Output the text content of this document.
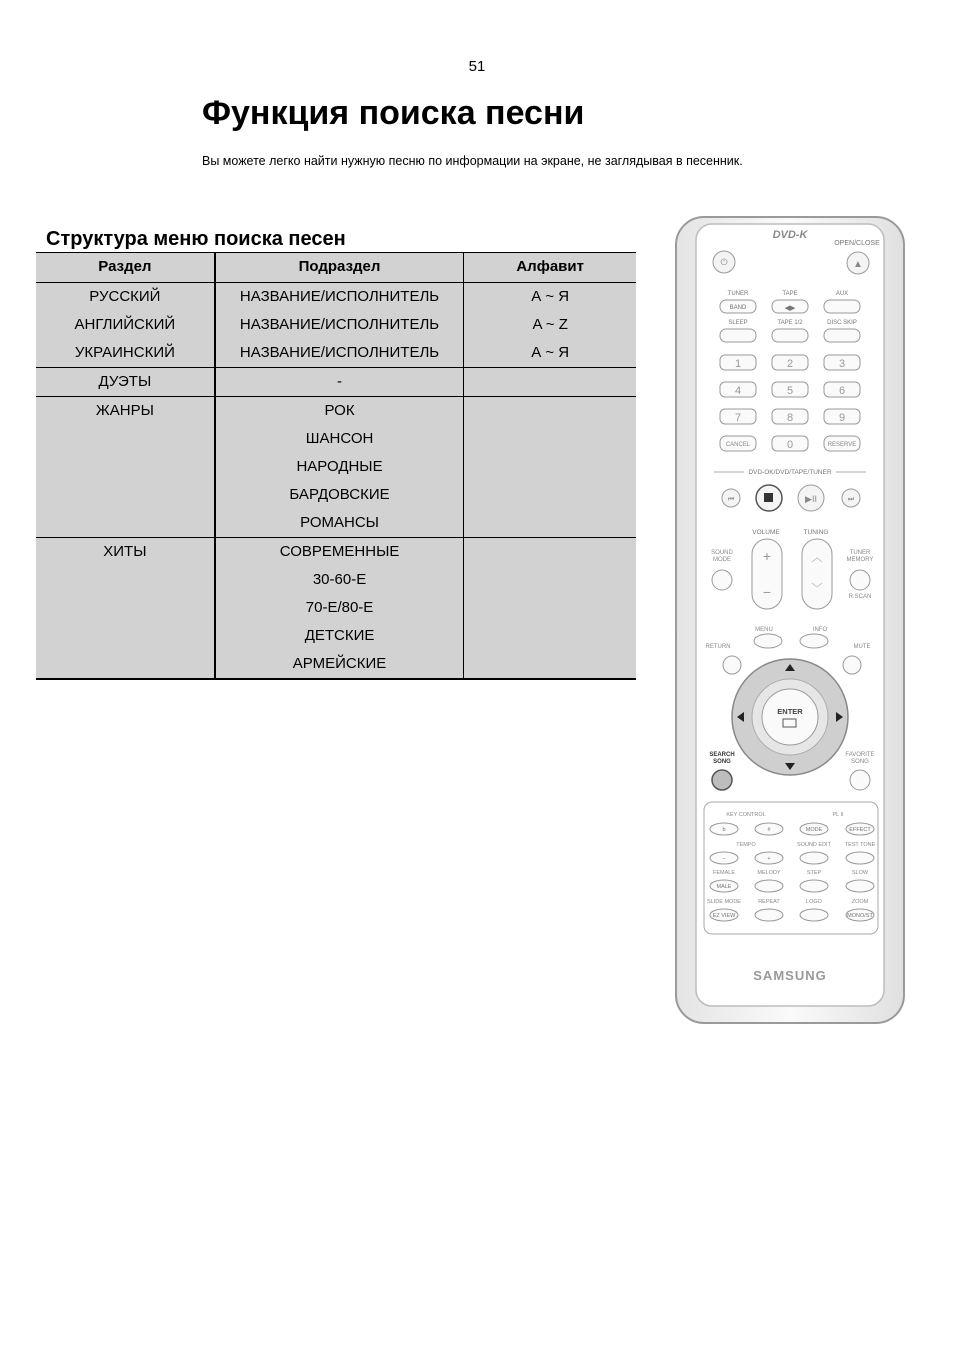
51
Функция поиска песни
Вы можете легко найти нужную песню по информации на экране, не заглядывая в песенник.
Структура меню поиска песен
Раздел	Подраздел	Алфавит
РУССКИЙ	НАЗВАНИЕ/ИСПОЛНИТЕЛЬ	А ~ Я
АНГЛИЙСКИЙ	НАЗВАНИЕ/ИСПОЛНИТЕЛЬ	A ~ Z
УКРАИНСКИЙ	НАЗВАНИЕ/ИСПОЛНИТЕЛЬ	А ~ Я
ДУЭТЫ	-	
ЖАНРЫ	РОК	
	ШАНСОН	
	НАРОДНЫЕ	
	БАРДОВСКИЕ	
	РОМАНСЫ	
ХИТЫ	СОВРЕМЕННЫЕ	
	30-60-Е	
	70-Е/80-Е	
	ДЕТСКИЕ	
	АРМЕЙСКИЕ	
DVD-K
OPEN/CLOSE
⏻	▲
TUNER	TAPE	AUX
SLEEP	TAPE 1/2	DISC SKIP
BAND	◀▶
1	2	3
4	5	6
7	8	9
0
CANCEL	RESERVE
DVD-OK/DVD/TAPE/TUNER
⏮	▶II	⏭
VOLUME	TUNING
+
−
︿
﹀
SOUND
MODE
TUNER
MEMORY
R.SCAN
MENU	INFO
RETURN	MUTE
ENTER
SEARCH
SONG
FAVORITE
SONG
KEY CONTROL	PL II
TEMPO	SOUND EDIT	TEST TONE
FEMALE	MELODY	STEP	SLOW
SLIDE MODE	REPEAT	LOGO	ZOOM
b	#	MODE	EFFECT
−	+
MALE
EZ VIEW	MONO/ST
SAMSUNG
